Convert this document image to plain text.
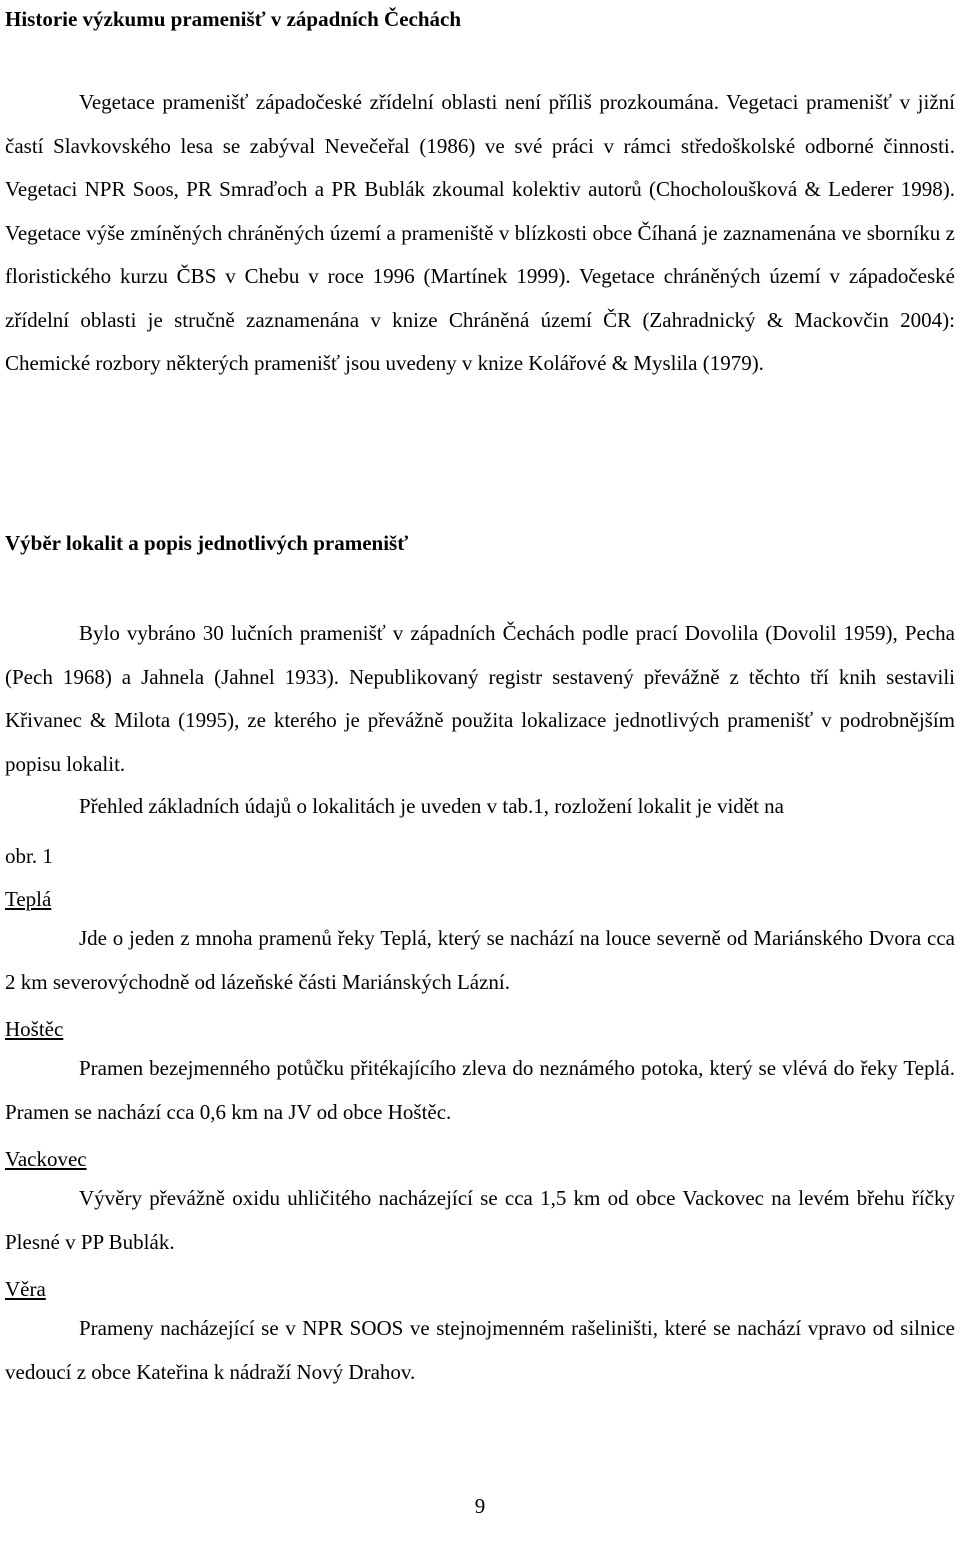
Historie výzkumu pramenišť v západních Čechách

Vegetace pramenišť západočeské zřídelní oblasti není příliš prozkoumána. Vegetaci pramenišť v jižní častí Slavkovského lesa se zabýval Nevečeřal (1986) ve své práci v rámci středoškolské odborné činnosti. Vegetaci NPR Soos, PR Smraďoch a PR Bublák zkoumal kolektiv autorů (Chocholoušková & Lederer 1998). Vegetace výše zmíněných chráněných území a prameniště v blízkosti obce Číhaná je zaznamenána ve sborníku z floristického kurzu ČBS v Chebu v roce 1996 (Martínek 1999). Vegetace chráněných území v západočeské zřídelní oblasti je stručně zaznamenána v knize Chráněná území ČR (Zahradnický & Mackovčin 2004): Chemické rozbory některých pramenišť jsou uvedeny v knize Kolářové & Myslila (1979).

Výběr lokalit a popis jednotlivých pramenišť

Bylo vybráno 30 lučních pramenišť v západních Čechách podle prací Dovolila (Dovolil 1959), Pecha (Pech 1968) a Jahnela (Jahnel 1933). Nepublikovaný registr sestavený převážně z těchto tří knih sestavili Křivanec & Milota (1995), ze kterého je převážně použita lokalizace jednotlivých pramenišť v podrobnějším popisu lokalit.

Přehled základních údajů o lokalitách je uveden v tab.1, rozložení lokalit je vidět na

obr. 1

Teplá

Jde o jeden z mnoha pramenů řeky Teplá, který se nachází na louce severně od Mariánského Dvora cca 2 km severovýchodně od lázeňské části Mariánských Lázní.

Hoštěc

Pramen bezejmenného potůčku přitékajícího zleva do neznámého potoka, který se vlévá do řeky Teplá. Pramen se nachází cca 0,6 km na JV od obce Hoštěc.

Vackovec

Vývěry převážně oxidu uhličitého nacházející se cca 1,5 km od obce Vackovec na levém břehu říčky Plesné v PP Bublák.

Věra

Prameny nacházející se v NPR SOOS ve stejnojmenném rašeliništi, které se nachází vpravo od silnice vedoucí z obce Kateřina k nádraží Nový Drahov.

9
